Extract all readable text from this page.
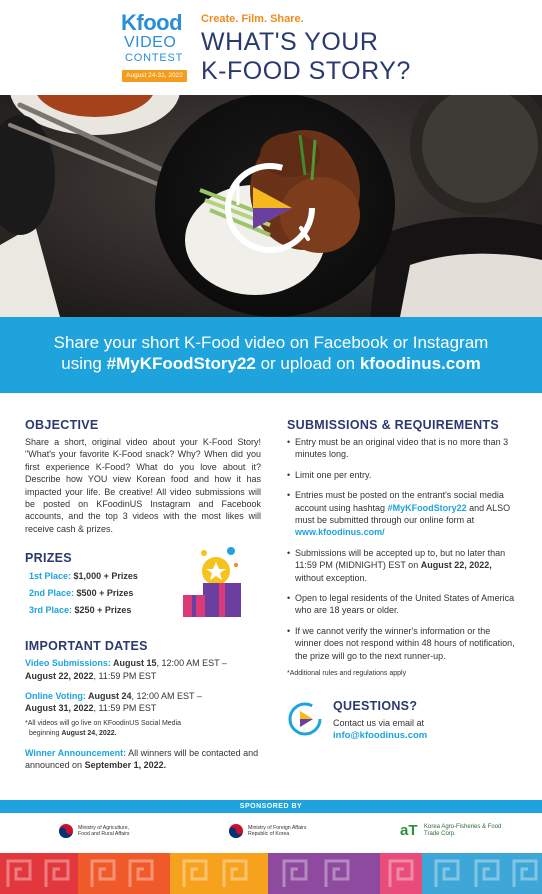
Kfood
VIDEO
CONTEST
August 24-31, 2022
Create. Film. Share.
WHAT'S YOUR
K-FOOD STORY?
Share your short K-Food video on Facebook or Instagram
using #MyKFoodStory22 or upload on kfoodinus.com
OBJECTIVE
Share a short, original video about your K-Food Story! "What's your favorite K-Food snack? Why? When did you first experience K-Food? What do you love about it? Describe how YOU view Korean food and how it has impacted your life. Be creative! All video submissions will be posted on KFoodinUS Instagram and Facebook accounts, and the top 3 videos with the most likes will receive cash & prizes.
PRIZES
1st Place: $1,000 + Prizes
2nd Place: $500 + Prizes
3rd Place: $250 + Prizes
IMPORTANT DATES
Video Submissions: August 15, 12:00 AM EST –
August 22, 2022, 11:59 PM EST
Online Voting: August 24, 12:00 AM EST –
August 31, 2022, 11:59 PM EST
*All videos will go live on KFoodinUS Social Media
beginning August 24, 2022.
Winner Announcement: All winners will be contacted and announced on September 1, 2022.
SUBMISSIONS & REQUIREMENTS
• Entry must be an original video that is no more than 3 minutes long.
• Limit one per entry.
• Entries must be posted on the entrant's social media account using hashtag #MyKFoodStory22 and ALSO must be submitted through our online form at www.kfoodinus.com/
• Submissions will be accepted up to, but no later than 11:59 PM (MIDNIGHT) EST on August 22, 2022, without exception.
• Open to legal residents of the United States of America who are 18 years or older.
• If we cannot verify the winner's information or the winner does not respond within 48 hours of notification, the prize will go to the next runner-up.
*Additional rules and regulations apply
QUESTIONS?
Contact us via email at
info@kfoodinus.com
SPONSORED BY
Ministry of Agriculture,
Food and Rural Affairs
Ministry of Foreign Affairs
Republic of Korea	aT Korea Agro-Fisheries & Food
Trade Corp.
